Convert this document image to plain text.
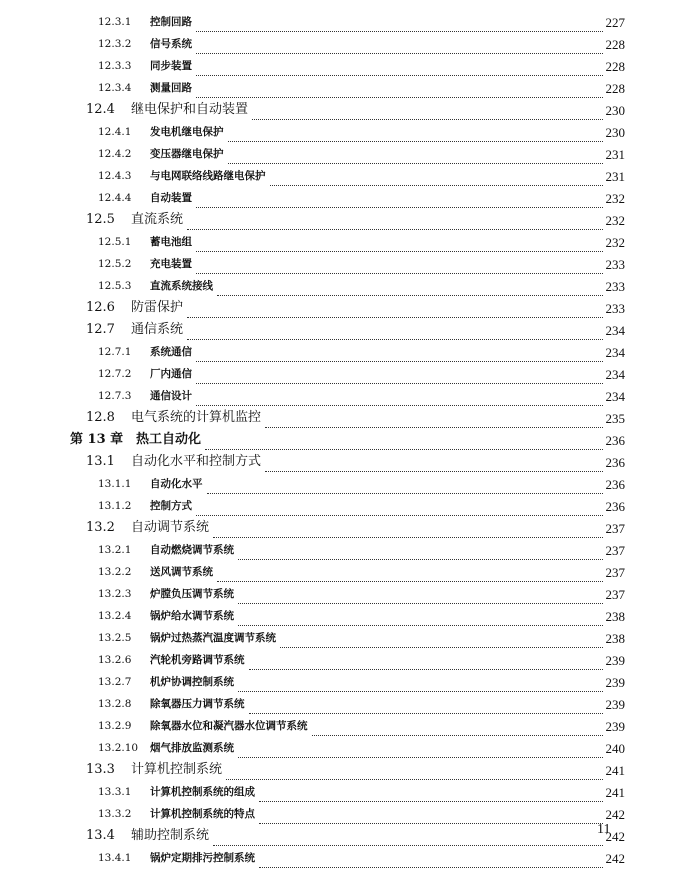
12.3.1 控制回路	227
12.3.2 信号系统	228
12.3.3 同步装置	228
12.3.4 测量回路	228
12.4 继电保护和自动装置	230
12.4.1 发电机继电保护	230
12.4.2 变压器继电保护	231
12.4.3 与电网联络线路继电保护	231
12.4.4 自动装置	232
12.5 直流系统	232
12.5.1 蓄电池组	232
12.5.2 充电装置	233
12.5.3 直流系统接线	233
12.6 防雷保护	233
12.7 通信系统	234
12.7.1 系统通信	234
12.7.2 厂内通信	234
12.7.3 通信设计	234
12.8 电气系统的计算机监控	235
第 13 章 热工自动化	236
13.1 自动化水平和控制方式	236
13.1.1 自动化水平	236
13.1.2 控制方式	236
13.2 自动调节系统	237
13.2.1 自动燃烧调节系统	237
13.2.2 送风调节系统	237
13.2.3 炉膛负压调节系统	237
13.2.4 锅炉给水调节系统	238
13.2.5 锅炉过热蒸汽温度调节系统	238
13.2.6 汽轮机旁路调节系统	239
13.2.7 机炉协调控制系统	239
13.2.8 除氧器压力调节系统	239
13.2.9 除氧器水位和凝汽器水位调节系统	239
13.2.10 烟气排放监测系统	240
13.3 计算机控制系统	241
13.3.1 计算机控制系统的组成	241
13.3.2 计算机控制系统的特点	242
13.4 辅助控制系统	242
13.4.1 锅炉定期排污控制系统	242
11
